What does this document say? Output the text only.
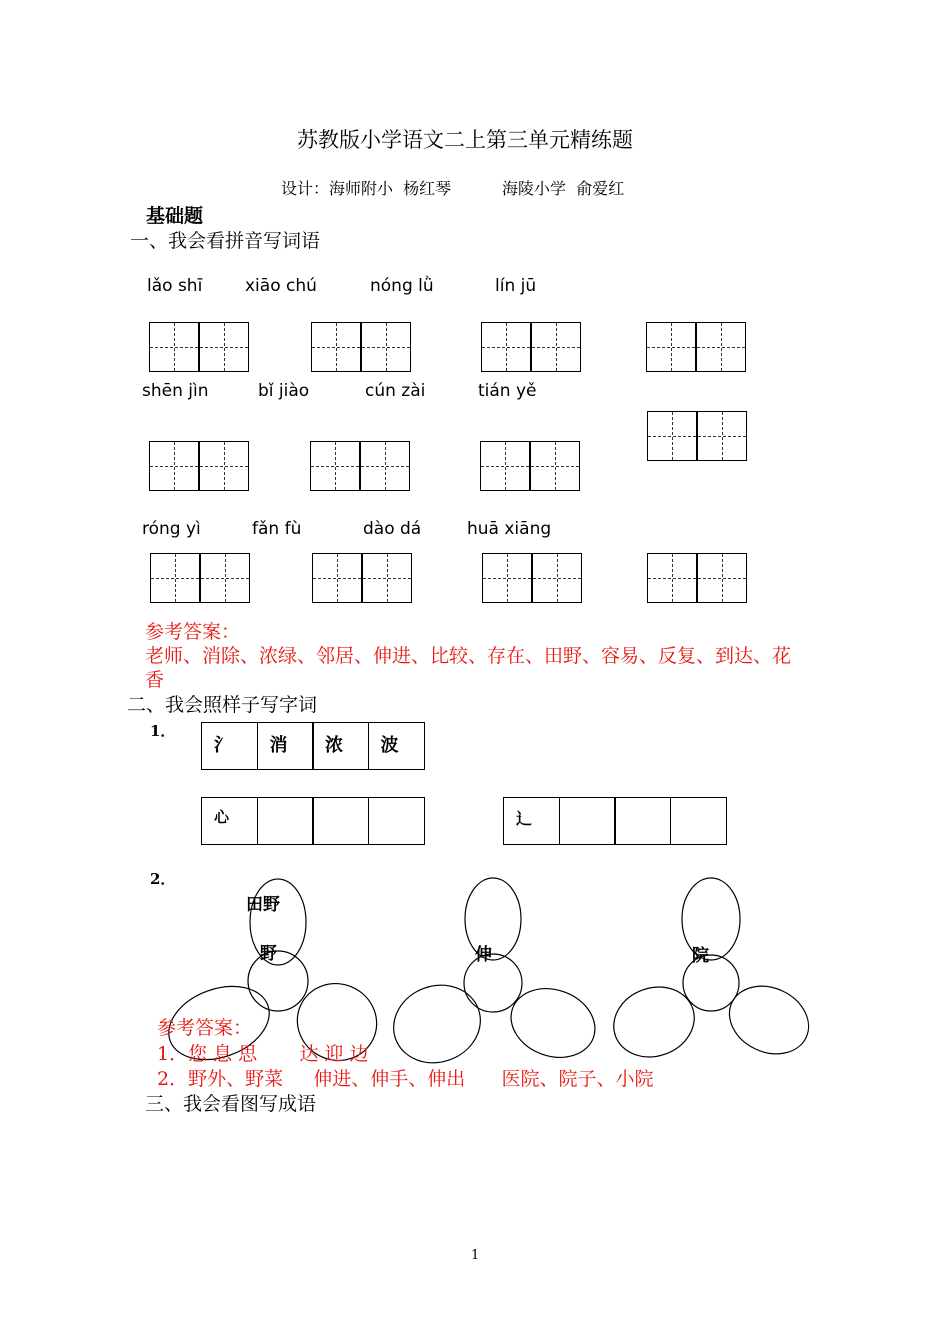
苏教版小学语文二上第三单元精练题
设计：海师附小  杨红琴          海陵小学  俞爱红
基础题
一、我会看拼音写词语
lǎo shī	xiāo chú	nóng lǜ	lín jū
shēn jìn	bǐ jiào	cún zài	tián yě
róng yì	fǎn fù	dào dá	huā xiāng
参考答案：
老师、消除、浓绿、邻居、伸进、比较、存在、田野、容易、反复、到达、花
香
二、我会照样子写字词
1．
氵	消	浓	波
心	辶
2．
田野
野	伸	院
参考答案：
1．您 息 思       达 迎 边
2．野外、野菜     伸进、伸手、伸出      医院、院子、小院
三、我会看图写成语
1
